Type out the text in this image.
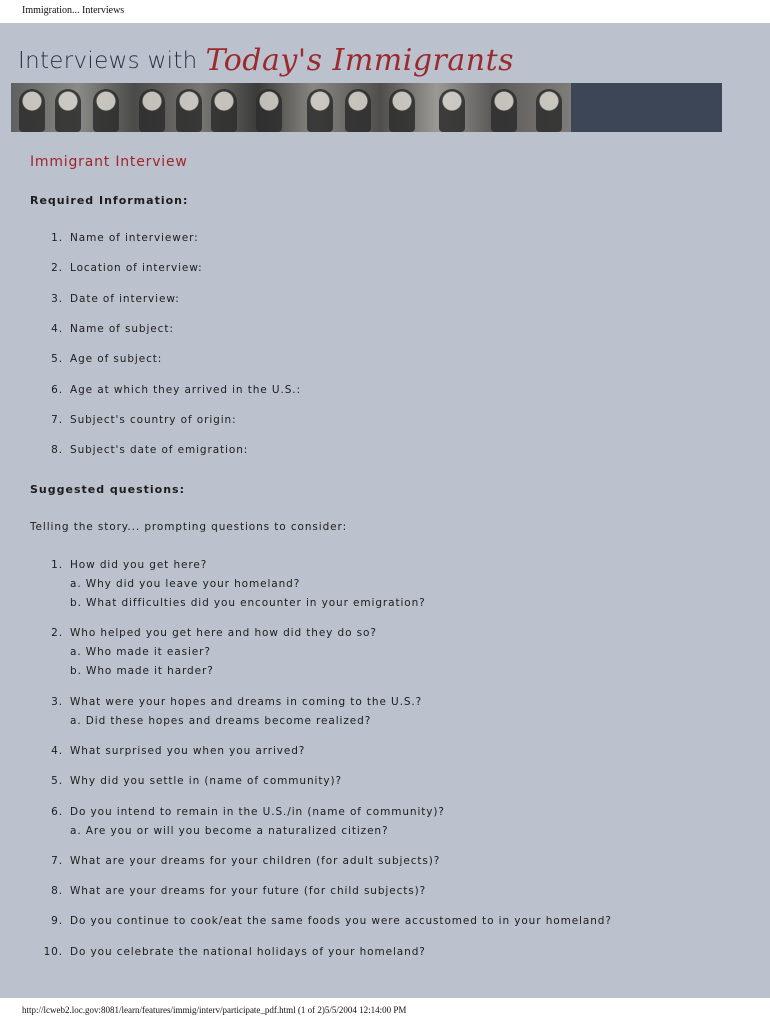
Immigration... Interviews
Interviews with Today's Immigrants
Immigrant Interview
Required Information:
1. Name of interviewer:
2. Location of interview:
3. Date of interview:
4. Name of subject:
5. Age of subject:
6. Age at which they arrived in the U.S.:
7. Subject's country of origin:
8. Subject's date of emigration:
Suggested questions:
Telling the story... prompting questions to consider:
1. How did you get here?
a. Why did you leave your homeland?
b. What difficulties did you encounter in your emigration?
2. Who helped you get here and how did they do so?
a. Who made it easier?
b. Who made it harder?
3. What were your hopes and dreams in coming to the U.S.?
a. Did these hopes and dreams become realized?
4. What surprised you when you arrived?
5. Why did you settle in (name of community)?
6. Do you intend to remain in the U.S./in (name of community)?
a. Are you or will you become a naturalized citizen?
7. What are your dreams for your children (for adult subjects)?
8. What are your dreams for your future (for child subjects)?
9. Do you continue to cook/eat the same foods you were accustomed to in your homeland?
10. Do you celebrate the national holidays of your homeland?
http://lcweb2.loc.gov:8081/learn/features/immig/interv/participate_pdf.html (1 of 2)5/5/2004 12:14:00 PM
